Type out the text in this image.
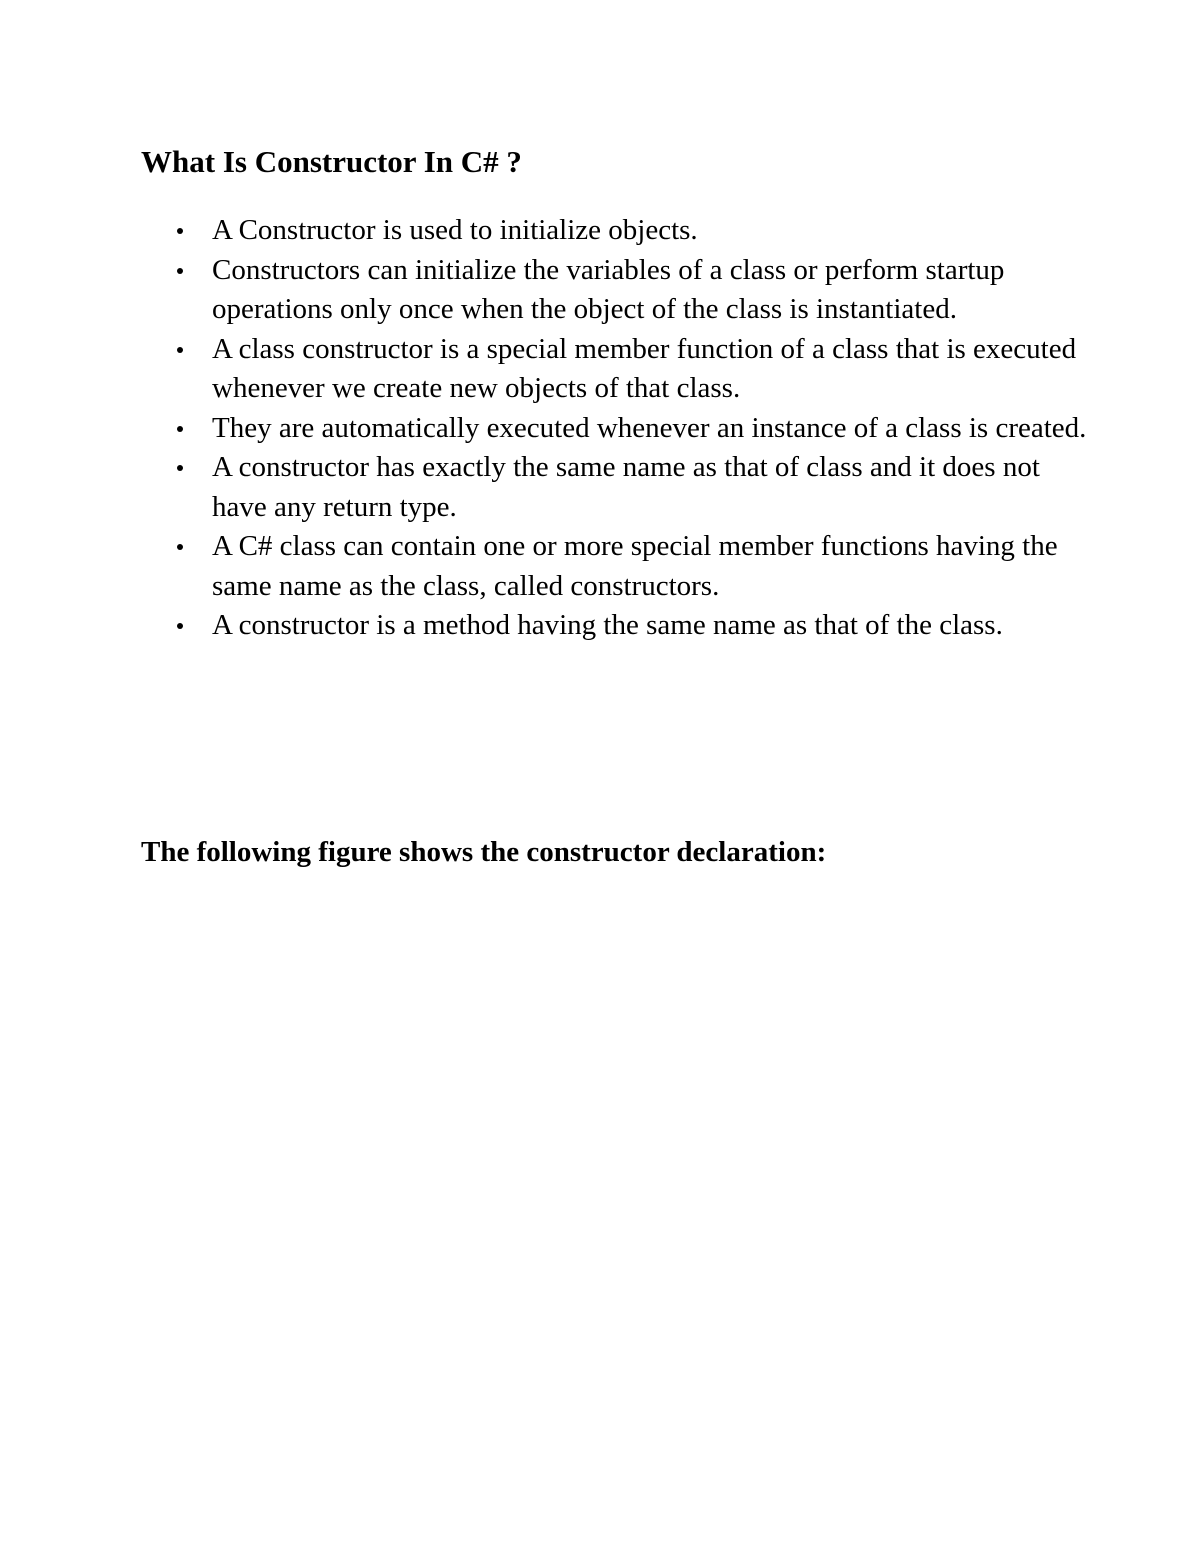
What Is Constructor In C# ?
A Constructor is used to initialize objects.
Constructors can initialize the variables of a class or perform startup operations only once when the object of the class is instantiated.
A class constructor is a special member function of a class that is executed whenever we create new objects of that class.
They are automatically executed whenever an instance of a class is created.
A constructor has exactly the same name as that of class and it does not have any return type.
A C# class can contain one or more special member functions having the same name as the class, called constructors.
A constructor is a method having the same name as that of the class.
The following figure shows the constructor declaration:
